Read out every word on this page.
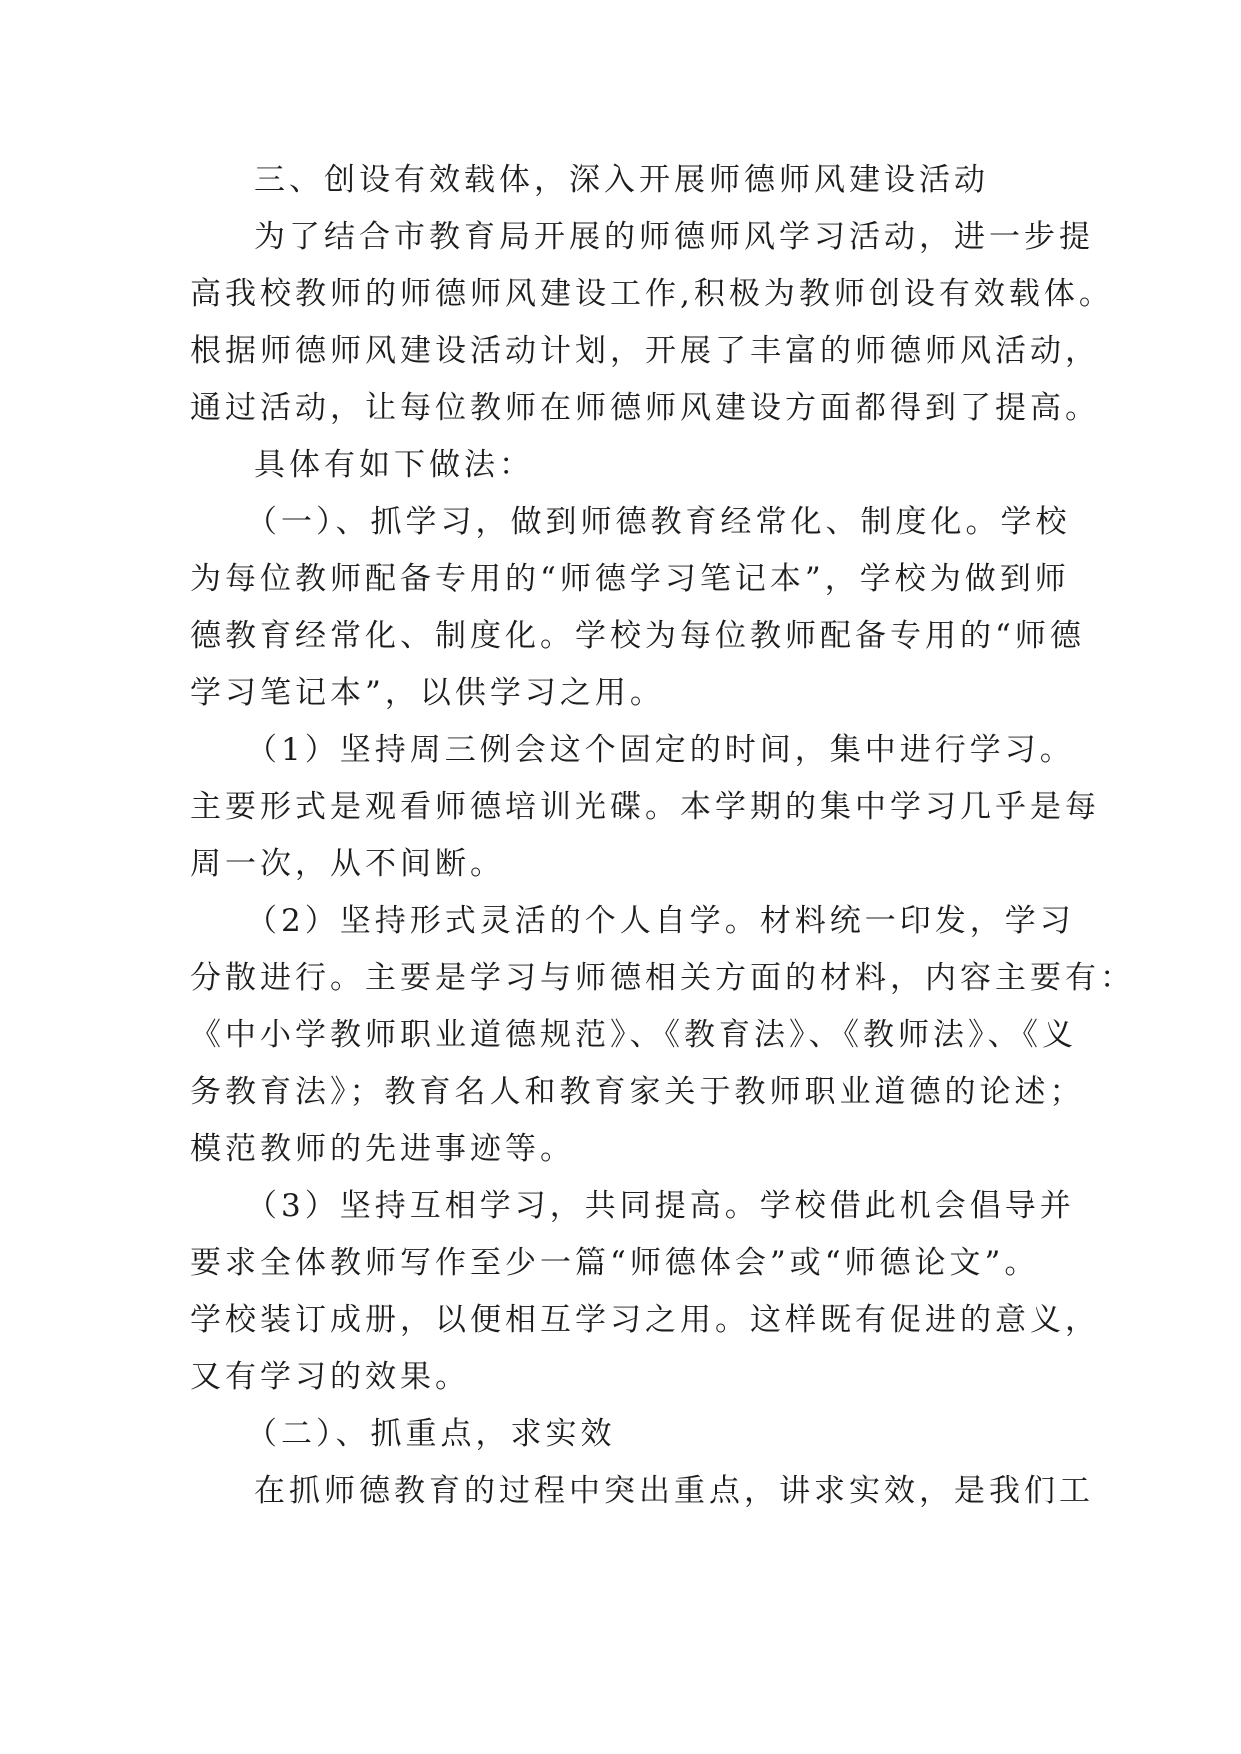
三、创设有效载体，深入开展师德师风建设活动
为了结合市教育局开展的师德师风学习活动，进一步提
高我校教师的师德师风建设工作,积极为教师创设有效载体。
根据师德师风建设活动计划，开展了丰富的师德师风活动，
通过活动，让每位教师在师德师风建设方面都得到了提高。
具体有如下做法：
（一）、抓学习，做到师德教育经常化、制度化。学校
为每位教师配备专用的“师德学习笔记本”，学校为做到师
德教育经常化、制度化。学校为每位教师配备专用的“师德
学习笔记本”，以供学习之用。
（1）坚持周三例会这个固定的时间，集中进行学习。
主要形式是观看师德培训光碟。本学期的集中学习几乎是每
周一次，从不间断。
（2）坚持形式灵活的个人自学。材料统一印发，学习
分散进行。主要是学习与师德相关方面的材料，内容主要有：
《中小学教师职业道德规范》、《教育法》、《教师法》、《义
务教育法》；教育名人和教育家关于教师职业道德的论述；
模范教师的先进事迹等。
（3）坚持互相学习，共同提高。学校借此机会倡导并
要求全体教师写作至少一篇“师德体会”或“师德论文”。
学校装订成册，以便相互学习之用。这样既有促进的意义，
又有学习的效果。
（二）、抓重点，求实效
在抓师德教育的过程中突出重点，讲求实效，是我们工
